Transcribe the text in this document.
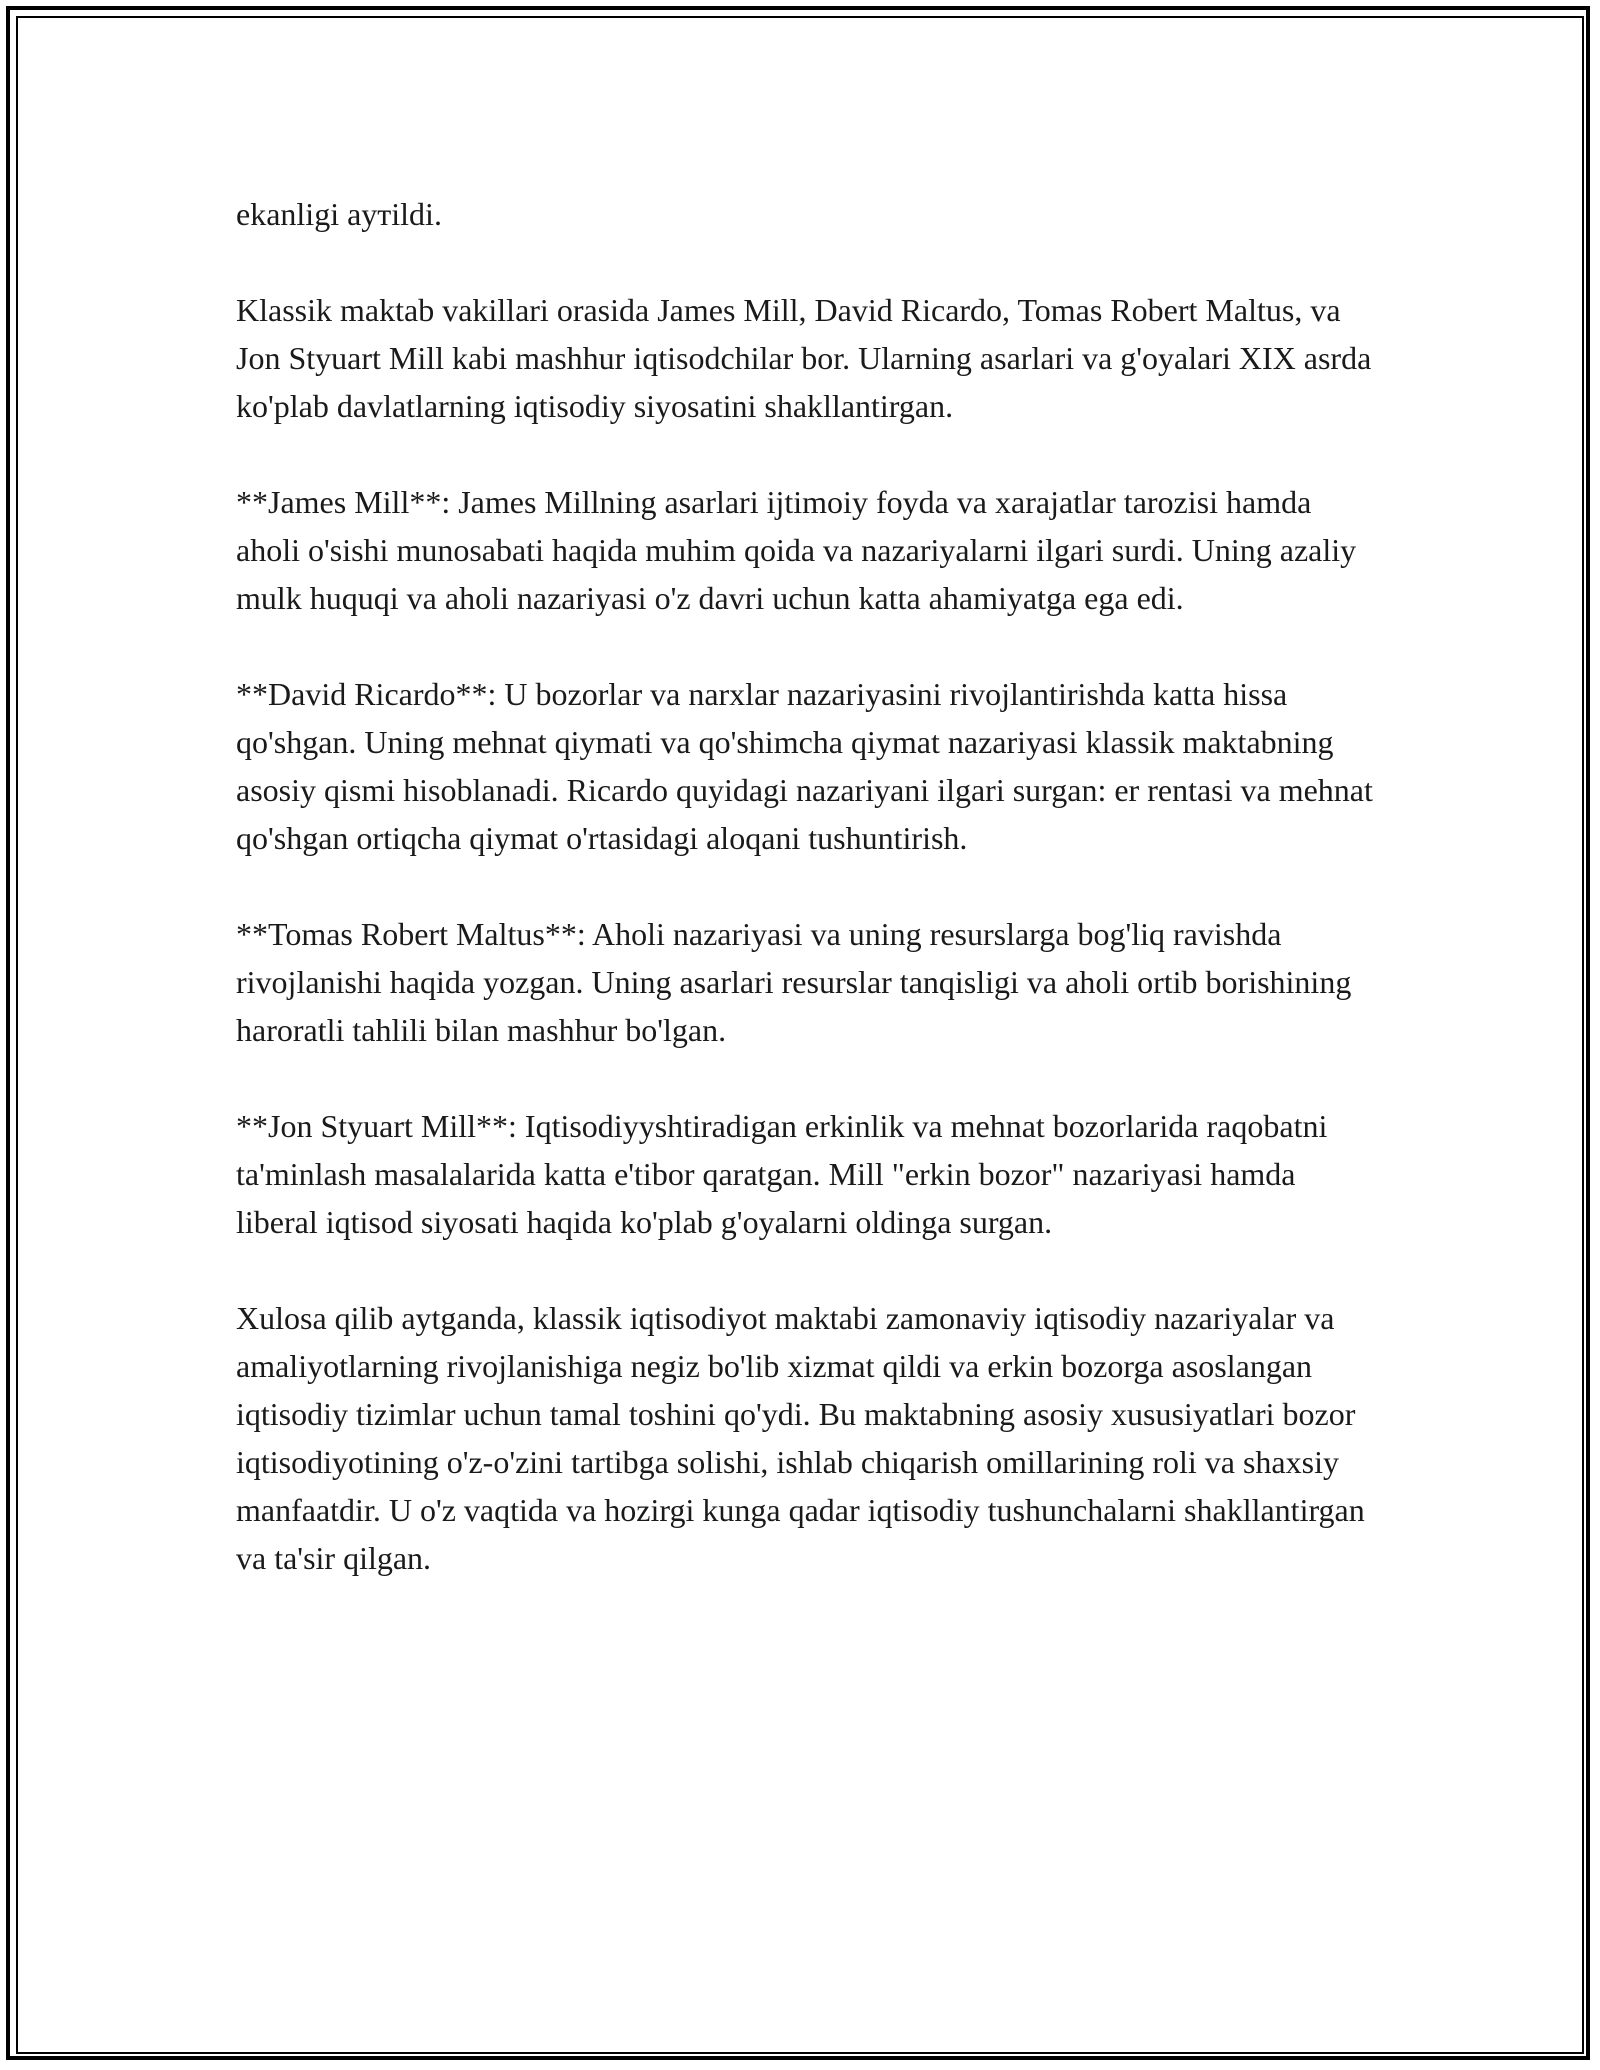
ekanligi ayтildi.

Klassik maktab vakillari orasida James Mill, David Ricardo, Tomas Robert Maltus, va Jon Styuart Mill kabi mashhur iqtisodchilar bor. Ularning asarlari va g'oyalari XIX asrda ko'plab davlatlarning iqtisodiy siyosatini shakllantirgan.

**James Mill**: James Millning asarlari ijtimoiy foyda va xarajatlar tarozisi hamda aholi o'sishi munosabati haqida muhim qoida va nazariyalarni ilgari surdi. Uning azaliy mulk huquqi va aholi nazariyasi o'z davri uchun katta ahamiyatga ega edi.

**David Ricardo**: U bozorlar va narxlar nazariyasini rivojlantirishda katta hissa qo'shgan. Uning mehnat qiymati va qo'shimcha qiymat nazariyasi klassik maktabning asosiy qismi hisoblanadi. Ricardo quyidagi nazariyani ilgari surgan: er rentasi va mehnat qo'shgan ortiqcha qiymat o'rtasidagi aloqani tushuntirish.

**Tomas Robert Maltus**: Aholi nazariyasi va uning resurslarga bog'liq ravishda rivojlanishi haqida yozgan. Uning asarlari resurslar tanqisligi va aholi ortib borishining haroratli tahlili bilan mashhur bo'lgan.

**Jon Styuart Mill**: Iqtisodiyyshtiradigan erkinlik va mehnat bozorlarida raqobatni ta'minlash masalalarida katta e'tibor qaratgan. Mill "erkin bozor" nazariyasi hamda liberal iqtisod siyosati haqida ko'plab g'oyalarni oldinga surgan.

Xulosa qilib aytganda, klassik iqtisodiyot maktabi zamonaviy iqtisodiy nazariyalar va amaliyotlarning rivojlanishiga negiz bo'lib xizmat qildi va erkin bozorga asoslangan iqtisodiy tizimlar uchun tamal toshini qo'ydi. Bu maktabning asosiy xususiyatlari bozor iqtisodiyotining o'z-o'zini tartibga solishi, ishlab chiqarish omillarining roli va shaxsiy manfaatdir. U o'z vaqtida va hozirgi kunga qadar iqtisodiy tushunchalarni shakllantirgan va ta'sir qilgan.
